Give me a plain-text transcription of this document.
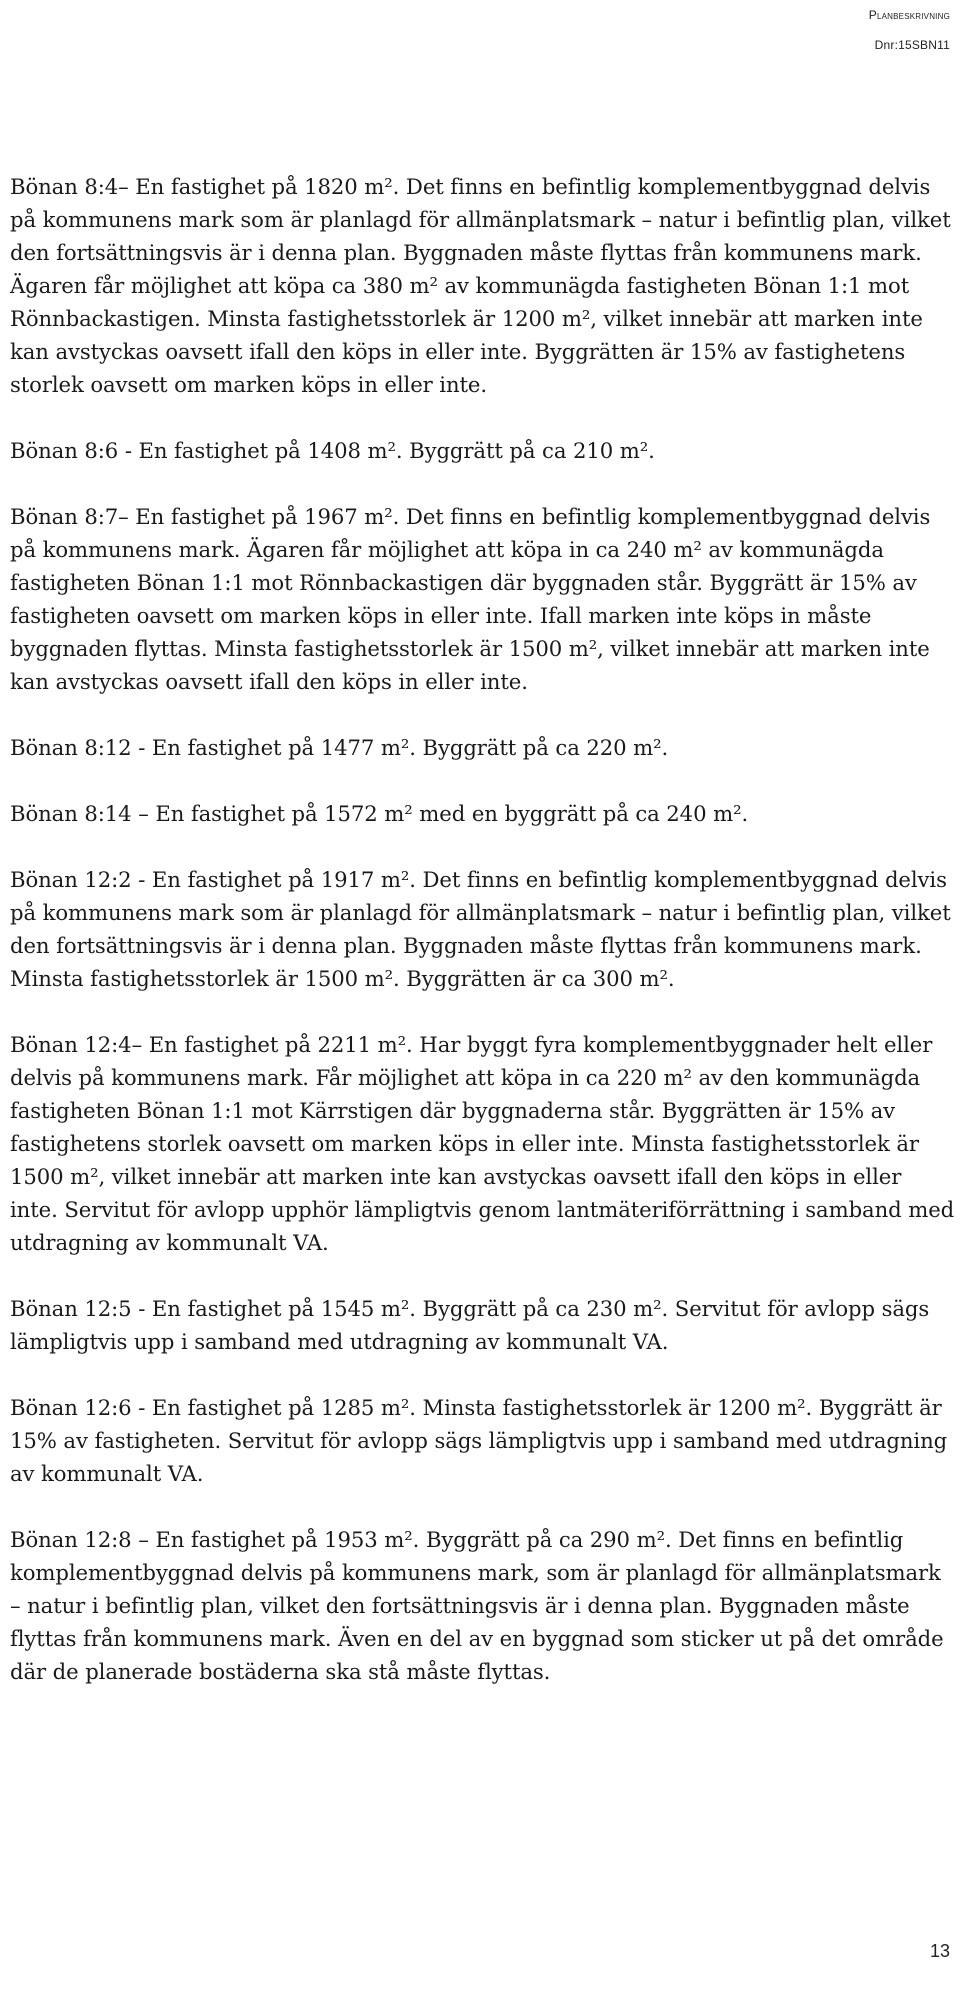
Planbeskrivning
Dnr:15SBN11

Bönan 8:4– En fastighet på 1820 m². Det finns en befintlig komplementbyggnad delvis på kommunens mark som är planlagd för allmänplatsmark – natur i befintlig plan, vilket den fortsättningsvis är i denna plan. Byggnaden måste flyttas från kommunens mark. Ägaren får möjlighet att köpa ca 380 m² av kommunägda fastigheten Bönan 1:1 mot Rönnbackastigen. Minsta fastighetsstorlek är 1200 m², vilket innebär att marken inte kan avstyckas oavsett ifall den köps in eller inte. Byggrätten är 15% av fastighetens storlek oavsett om marken köps in eller inte.

Bönan 8:6 - En fastighet på 1408 m². Byggrätt på ca 210 m².

Bönan 8:7– En fastighet på 1967 m². Det finns en befintlig komplementbyggnad delvis på kommunens mark. Ägaren får möjlighet att köpa in ca 240 m² av kommunägda fastigheten Bönan 1:1 mot Rönnbackastigen där byggnaden står. Byggrätt är 15% av fastigheten oavsett om marken köps in eller inte. Ifall marken inte köps in måste byggnaden flyttas. Minsta fastighetsstorlek är 1500 m², vilket innebär att marken inte kan avstyckas oavsett ifall den köps in eller inte.

Bönan 8:12 - En fastighet på 1477 m². Byggrätt på ca 220 m².

Bönan 8:14 – En fastighet på 1572 m² med en byggrätt på ca 240 m².

Bönan 12:2 - En fastighet på 1917 m². Det finns en befintlig komplementbyggnad delvis på kommunens mark som är planlagd för allmänplatsmark – natur i befintlig plan, vilket den fortsättningsvis är i denna plan. Byggnaden måste flyttas från kommunens mark. Minsta fastighetsstorlek är 1500 m². Byggrätten är ca 300 m².

Bönan 12:4– En fastighet på 2211 m². Har byggt fyra komplementbyggnader helt eller delvis på kommunens mark. Får möjlighet att köpa in ca 220 m² av den kommunägda fastigheten Bönan 1:1 mot Kärrstigen där byggnaderna står. Byggrätten är 15% av fastighetens storlek oavsett om marken köps in eller inte. Minsta fastighetsstorlek är 1500 m², vilket innebär att marken inte kan avstyckas oavsett ifall den köps in eller inte. Servitut för avlopp upphör lämpligtvis genom lantmäteriförrättning i samband med utdragning av kommunalt VA.

Bönan 12:5 - En fastighet på 1545 m². Byggrätt på ca 230 m². Servitut för avlopp sägs lämpligtvis upp i samband med utdragning av kommunalt VA.

Bönan 12:6 - En fastighet på 1285 m². Minsta fastighetsstorlek är 1200 m². Byggrätt är 15% av fastigheten. Servitut för avlopp sägs lämpligtvis upp i samband med utdragning av kommunalt VA.

Bönan 12:8 – En fastighet på 1953 m². Byggrätt på ca 290 m². Det finns en befintlig komplementbyggnad delvis på kommunens mark, som är planlagd för allmänplatsmark – natur i befintlig plan, vilket den fortsättningsvis är i denna plan. Byggnaden måste flyttas från kommunens mark. Även en del av en byggnad som sticker ut på det område där de planerade bostäderna ska stå måste flyttas.

13
